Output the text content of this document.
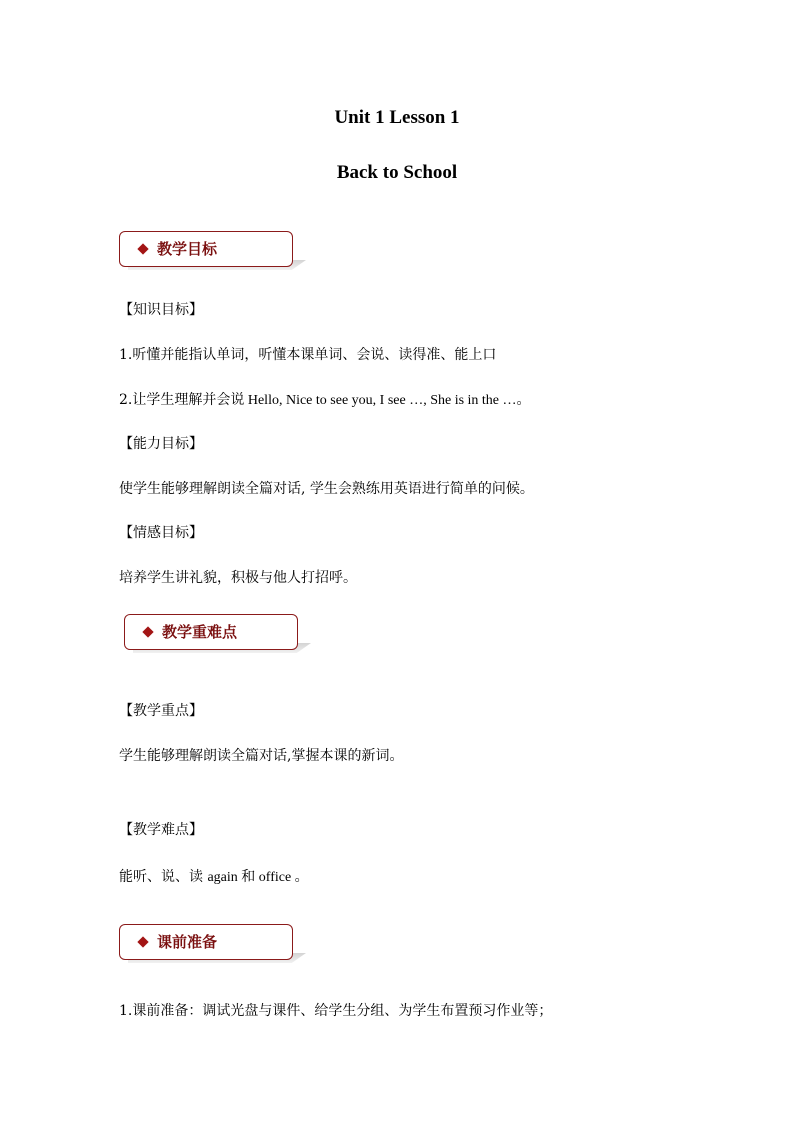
Unit 1 Lesson 1
Back to School
教学目标
【知识目标】
1.听懂并能指认单词，听懂本课单词、会说、读得准、能上口
2.让学生理解并会说 Hello, Nice to see you, I see …, She is in the …。
【能力目标】
使学生能够理解朗读全篇对话, 学生会熟练用英语进行简单的问候。
【情感目标】
培养学生讲礼貌，积极与他人打招呼。
教学重难点
【教学重点】
学生能够理解朗读全篇对话,掌握本课的新词。
【教学难点】
能听、说、读 again 和 office 。
课前准备
1.课前准备：调试光盘与课件、给学生分组、为学生布置预习作业等；
